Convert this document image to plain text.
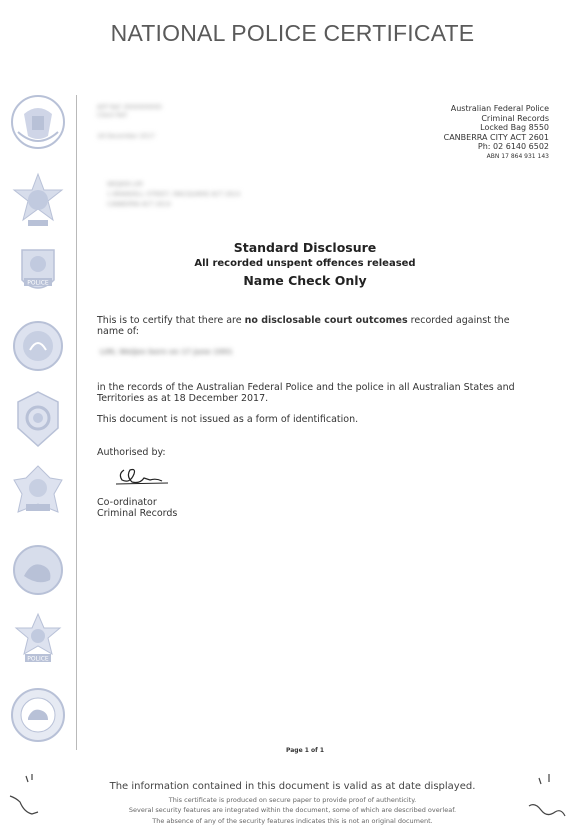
NATIONAL POLICE CERTIFICATE
POLICE
POLICE
AFP Ref: 0000000000
Client Ref:
18 December 2017
WEIJIEN LIM
1 BRANDELL STREET, MACQUARIE ACT 2614
CANBERRA ACT 2614
Australian Federal Police
Criminal Records
Locked Bag 8550
CANBERRA CITY ACT 2601
Ph: 02 6140 6502
ABN 17 864 931 143
Standard Disclosure
All recorded unspent offences released
Name Check Only
This is to certify that there are no disclosable court outcomes recorded against the name of:
LIM, Weijen born on 17 June 1991
in the records of the Australian Federal Police and the police in all Australian States and Territories as at 18 December 2017.
This document is not issued as a form of identification.
Authorised by:
Co-ordinator
Criminal Records
Page 1 of 1
The information contained in this document is valid as at date displayed.
This certificate is produced on secure paper to provide proof of authenticity.
Several security features are integrated within the document, some of which are described overleaf.
The absence of any of the security features indicates this is not an original document.
